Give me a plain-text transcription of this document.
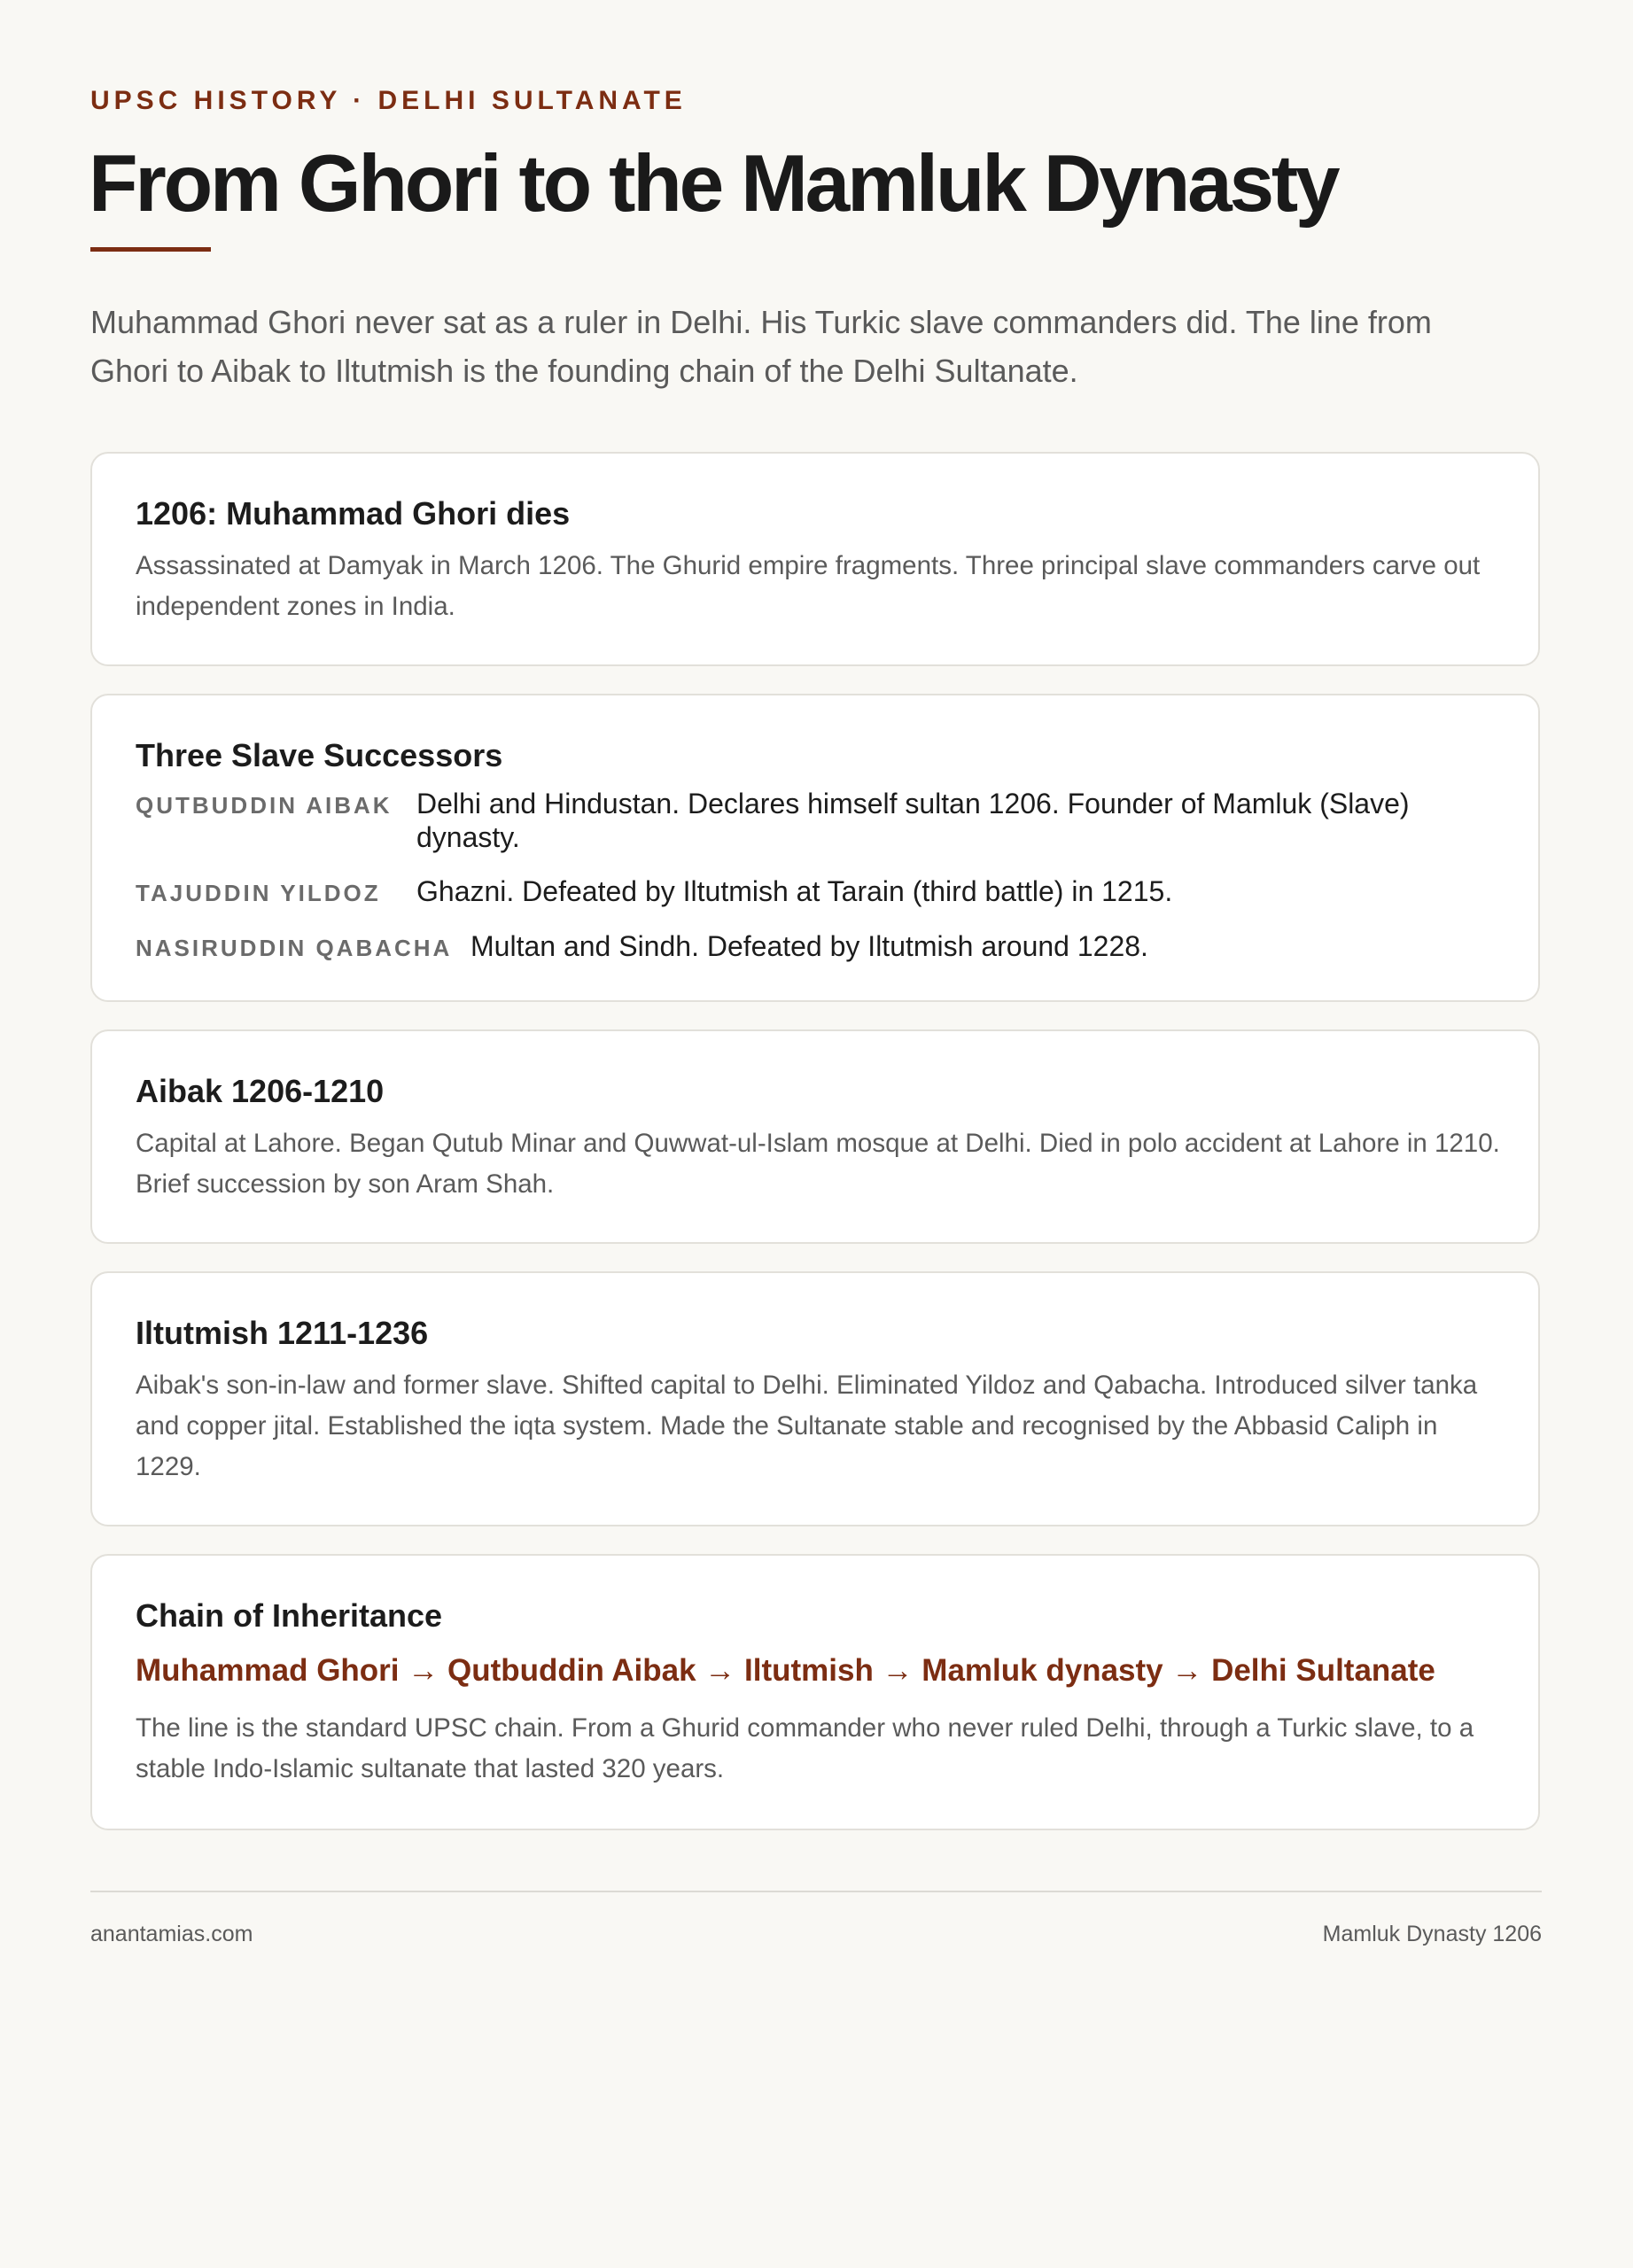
UPSC HISTORY · DELHI SULTANATE
From Ghori to the Mamluk Dynasty

Muhammad Ghori never sat as a ruler in Delhi. His Turkic slave commanders did. The line from Ghori to Aibak to Iltutmish is the founding chain of the Delhi Sultanate.

1206: Muhammad Ghori dies

Assassinated at Damyak in March 1206. The Ghurid empire fragments. Three principal slave commanders carve out independent zones in India.

Three Slave Successors
QUTBUDDIN AIBAK Delhi and Hindustan. Declares himself sultan 1206. Founder of Mamluk (Slave) dynasty.
TAJUDDIN YILDOZ Ghazni. Defeated by Iltutmish at Tarain (third battle) in 1215.
NASIRUDDIN QABACHA Multan and Sindh. Defeated by Iltutmish around 1228.
Aibak 1206-1210

Capital at Lahore. Began Qutub Minar and Quwwat-ul-Islam mosque at Delhi. Died in polo accident at Lahore in 1210. Brief succession by son Aram Shah.

Iltutmish 1211-1236

Aibak's son-in-law and former slave. Shifted capital to Delhi. Eliminated Yildoz and Qabacha. Introduced silver tanka and copper jital. Established the iqta system. Made the Sultanate stable and recognised by the Abbasid Caliph in 1229.

Chain of Inheritance
Muhammad Ghori → Qutbuddin Aibak → Iltutmish → Mamluk dynasty → Delhi Sultanate

The line is the standard UPSC chain. From a Ghurid commander who never ruled Delhi, through a Turkic slave, to a stable Indo-Islamic sultanate that lasted 320 years.

anantamias.com	Mamluk Dynasty 1206
